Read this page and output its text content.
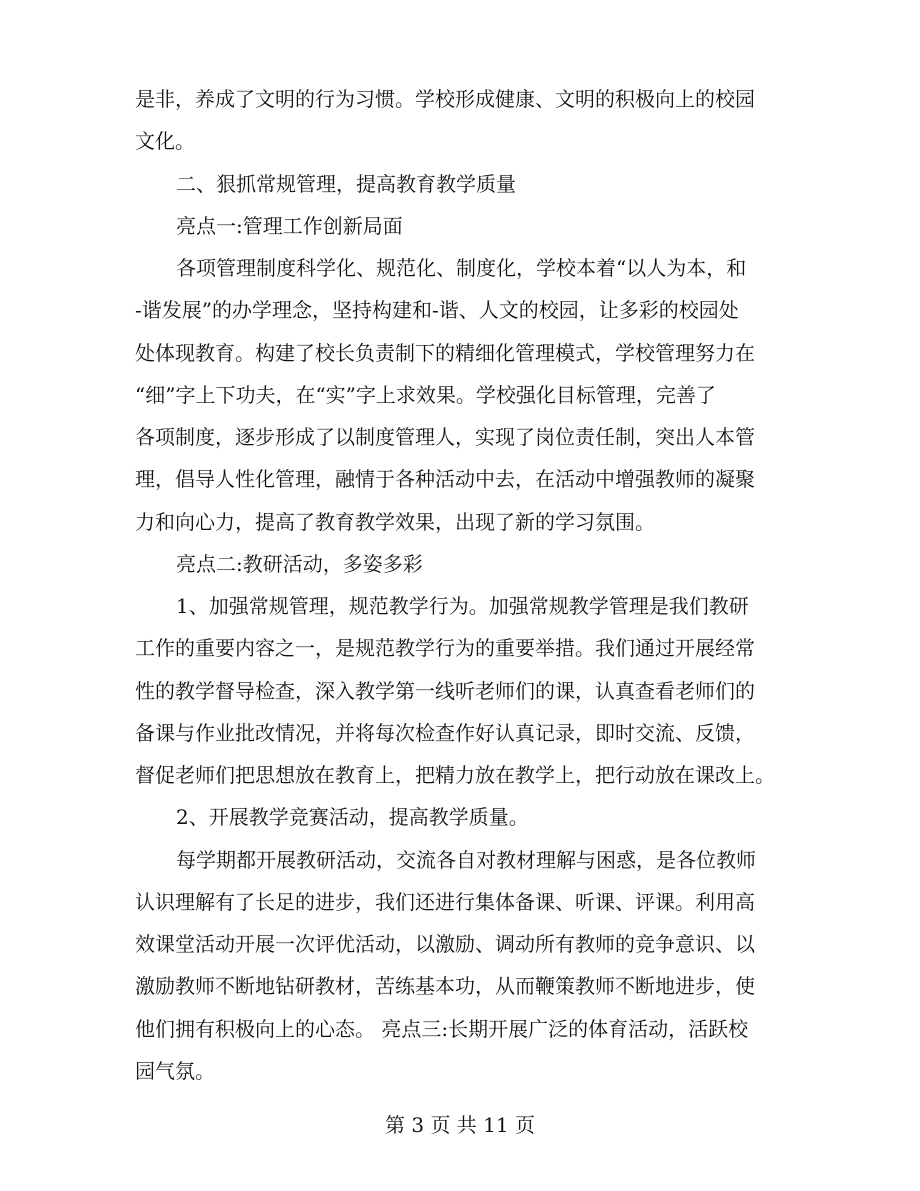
是非，养成了文明的行为习惯。学校形成健康、文明的积极向上的校园
文化。
二、狠抓常规管理，提高教育教学质量
亮点一:管理工作创新局面
各项管理制度科学化、规范化、制度化，学校本着“以人为本，和
-谐发展”的办学理念，坚持构建和-谐、人文的校园，让多彩的校园处
处体现教育。构建了校长负责制下的精细化管理模式，学校管理努力在
“细”字上下功夫，在“实”字上求效果。学校强化目标管理，完善了
各项制度，逐步形成了以制度管理人，实现了岗位责任制，突出人本管
理，倡导人性化管理，融情于各种活动中去，在活动中增强教师的凝聚
力和向心力，提高了教育教学效果，出现了新的学习氛围。
亮点二:教研活动，多姿多彩
1、加强常规管理，规范教学行为。加强常规教学管理是我们教研
工作的重要内容之一，是规范教学行为的重要举措。我们通过开展经常
性的教学督导检查，深入教学第一线听老师们的课，认真查看老师们的
备课与作业批改情况，并将每次检查作好认真记录，即时交流、反馈，
督促老师们把思想放在教育上，把精力放在教学上，把行动放在课改上。
2、开展教学竞赛活动，提高教学质量。
每学期都开展教研活动，交流各自对教材理解与困惑，是各位教师
认识理解有了长足的进步，我们还进行集体备课、听课、评课。利用高
效课堂活动开展一次评优活动，以激励、调动所有教师的竞争意识、以
激励教师不断地钻研教材，苦练基本功，从而鞭策教师不断地进步，使
他们拥有积极向上的心态。 亮点三:长期开展广泛的体育活动，活跃校
园气氛。
第 3 页 共 11 页
